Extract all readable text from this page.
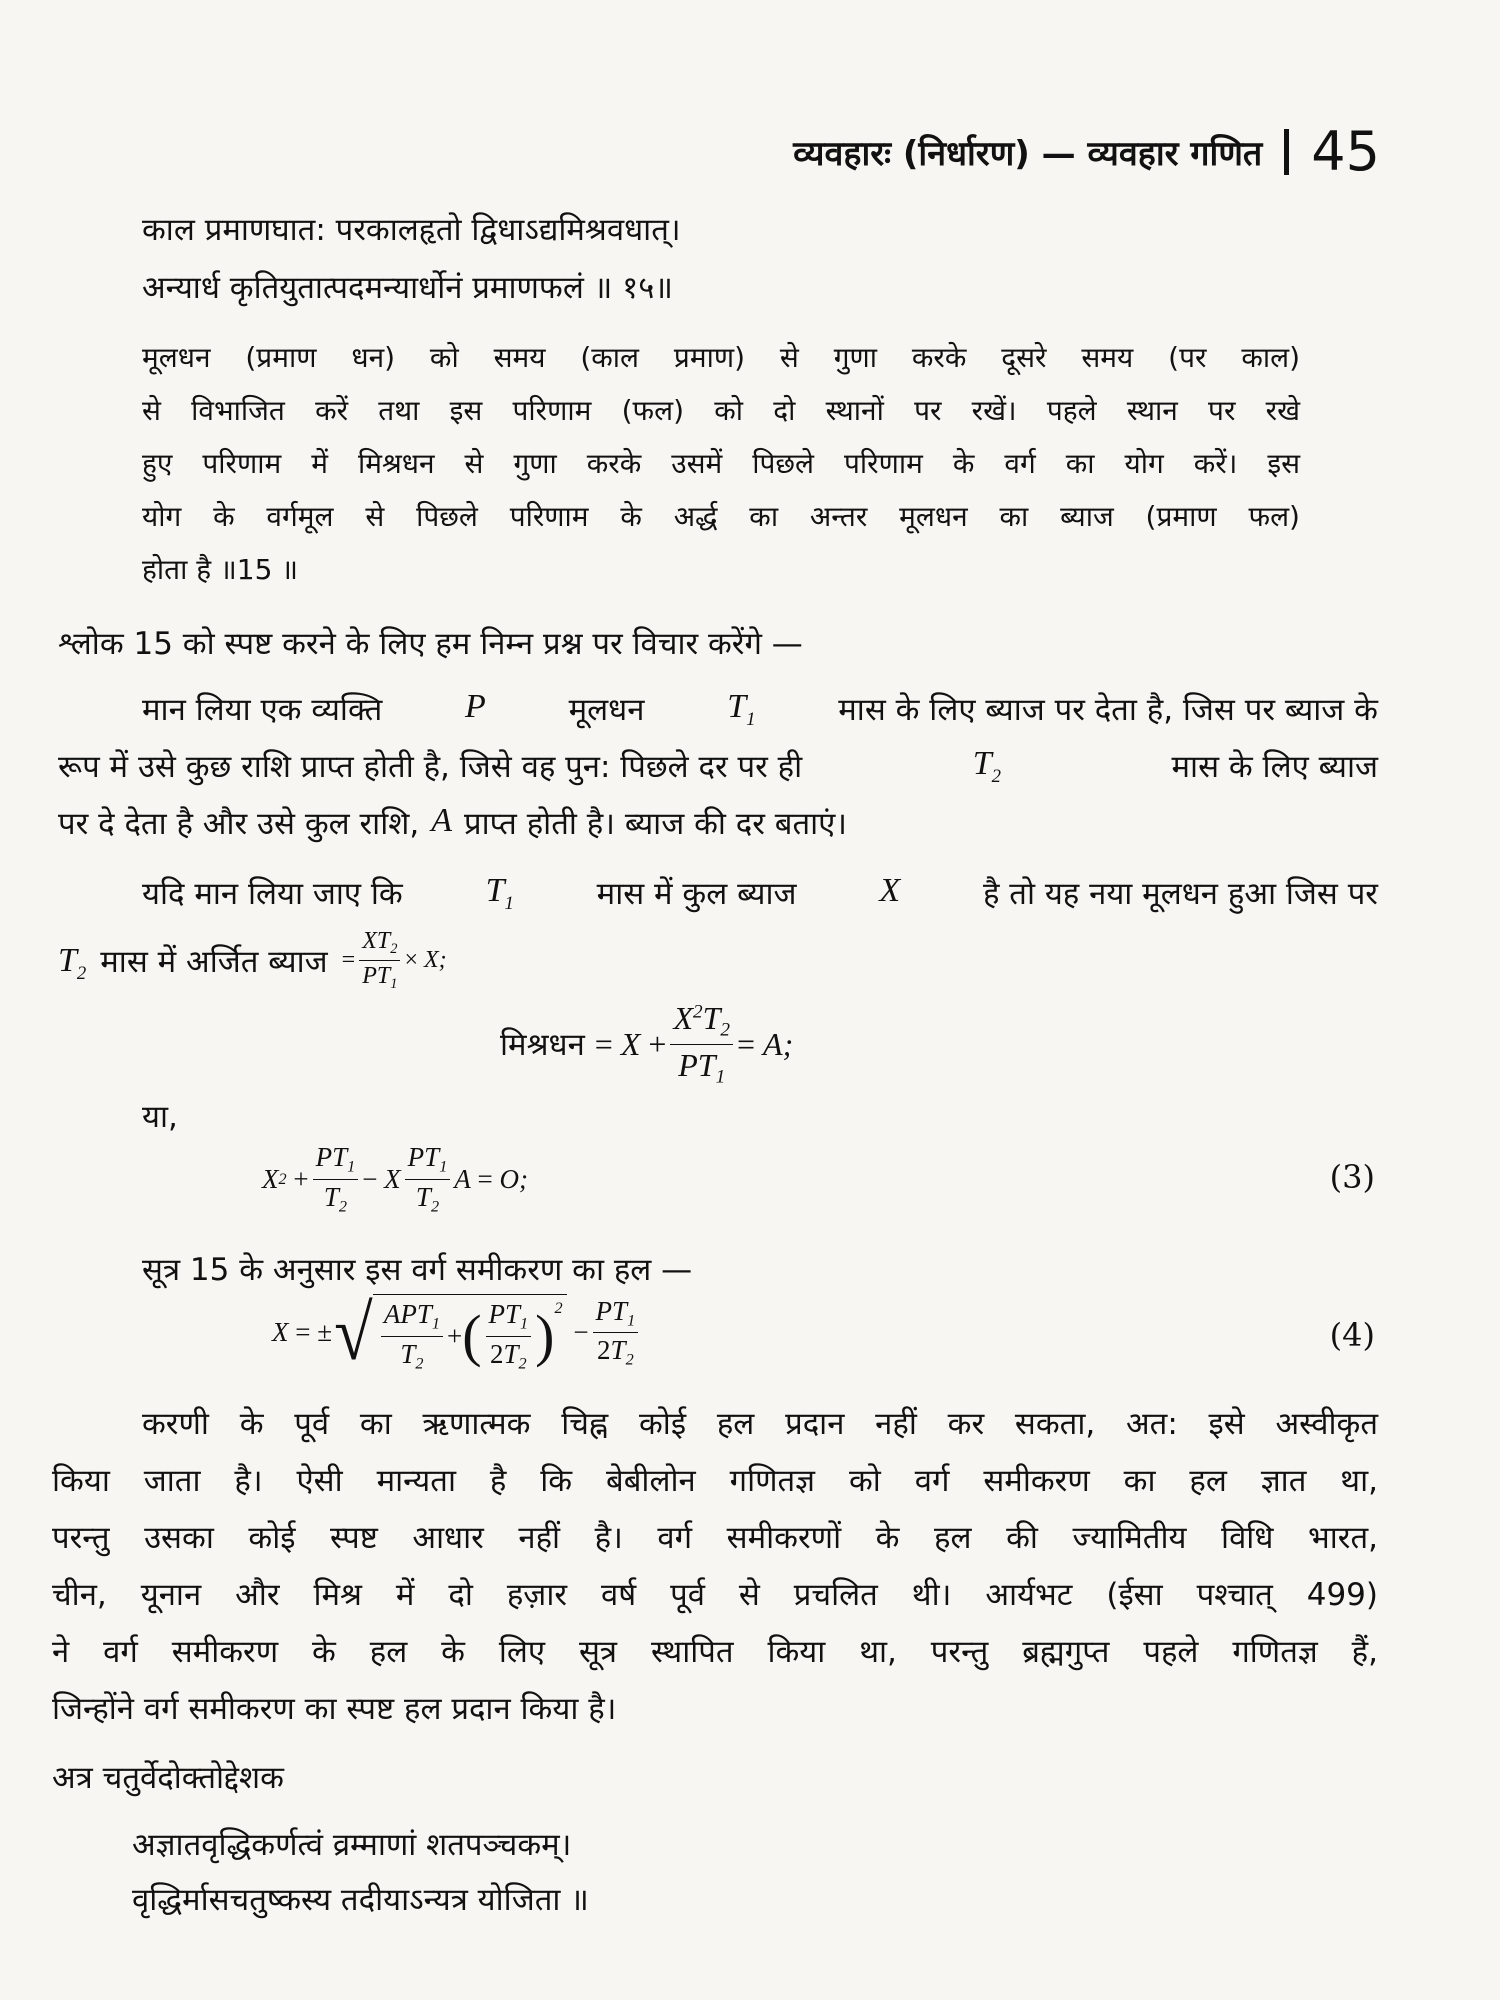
व्यवहारः (निर्धारण) — व्यवहार गणित 45
काल प्रमाणघात: परकालहृतो द्विधाऽद्यमिश्रवधात्।
अन्यार्ध कृतियुतात्पदमन्यार्धोनं प्रमाणफलं ॥ १५॥
मूलधन (प्रमाण धन) को समय (काल प्रमाण) से गुणा करके दूसरे समय (पर काल)
से विभाजित करें तथा इस परिणाम (फल) को दो स्थानों पर रखें। पहले स्थान पर रखे
हुए परिणाम में मिश्रधन से गुणा करके उसमें पिछले परिणाम के वर्ग का योग करें। इस
योग के वर्गमूल से पिछले परिणाम के अर्द्ध का अन्तर मूलधन का ब्याज (प्रमाण फल)
होता है ॥15 ॥
श्लोक 15 को स्पष्ट करने के लिए हम निम्न प्रश्न पर विचार करेंगे —
मान लिया एक व्यक्ति P	मूलधन $T_1$	मास के लिए ब्याज पर देता है, जिस पर ब्याज के
रूप में उसे कुछ राशि प्राप्त होती है, जिसे वह पुन: पिछले दर पर ही	$T_2$	मास के लिए ब्याज
पर दे देता है और उसे कुल राशि, A प्राप्त होती है। ब्याज की दर बताएं।
यदि मान लिया जाए कि $T_1$	मास में कुल ब्याज X	है तो यह नया मूलधन हुआ जिस पर
$T_2$ मास में अर्जित ब्याज = $\frac{XT_2}{PT_1} \times X$;
मिश्रधन = $X + \frac{X^2T_2}{PT_1} = A$;
या,
X $2 + \frac{PT_1}{T_2} - X \frac{PT_1}{T_2}$ A = O;	(3)
सूत्र 15 के अनुसार इस वर्ग समीकरण का हल —
X = ± √ $\frac{APT_1}{T_2}$ + ( $\frac{PT_1}{2T_2}$ ) 2
− $\frac{PT_1}{2T_2}$	(4)
करणी के पूर्व का ऋणात्मक चिह्न कोई हल प्रदान नहीं कर सकता, अत: इसे अस्वीकृत
किया जाता है। ऐसी मान्यता है कि बेबीलोन गणितज्ञ को वर्ग समीकरण का हल ज्ञात था,
परन्तु उसका कोई स्पष्ट आधार नहीं है। वर्ग समीकरणों के हल की ज्यामितीय विधि भारत,
चीन, यूनान और मिश्र में दो हज़ार वर्ष पूर्व से प्रचलित थी। आर्यभट (ईसा पश्चात् 499)
ने वर्ग समीकरण के हल के लिए सूत्र स्थापित किया था, परन्तु ब्रह्मगुप्त पहले गणितज्ञ हैं,
जिन्होंने वर्ग समीकरण का स्पष्ट हल प्रदान किया है।
अत्र चतुर्वेदोक्तोद्देशक
अज्ञातवृद्धिकर्णत्वं व्रम्माणां शतपञ्चकम्।
वृद्धिर्मासचतुष्कस्य तदीयाऽन्यत्र योजिता ॥
